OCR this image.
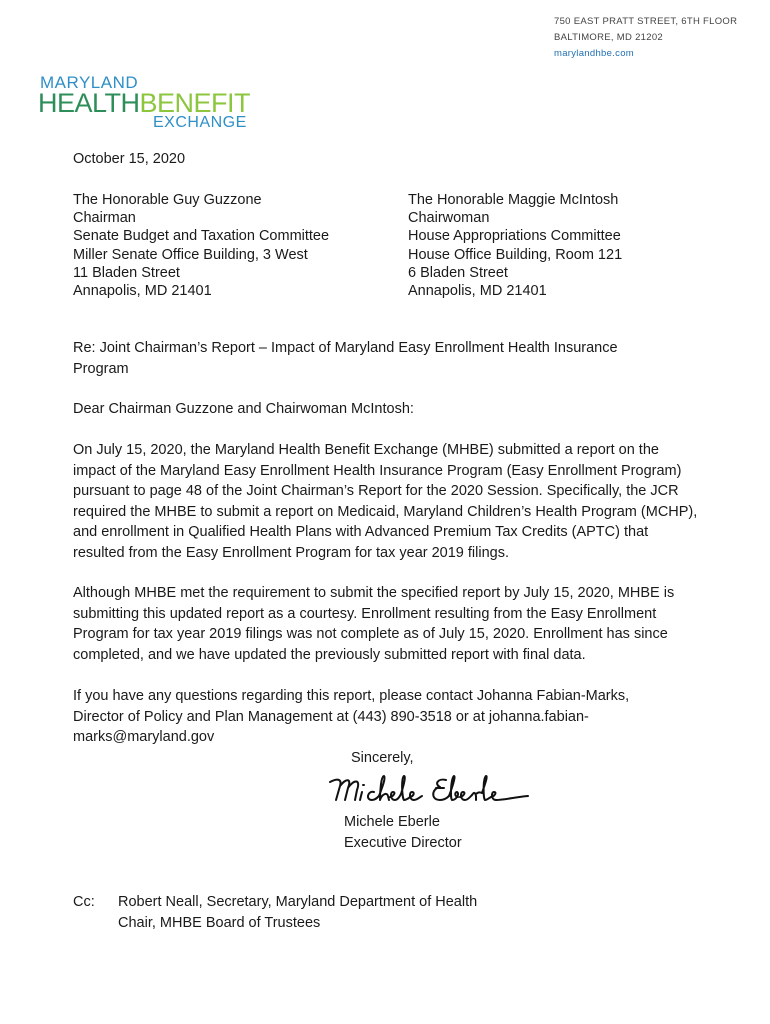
750 EAST PRATT STREET, 6TH FLOOR
BALTIMORE, MD 21202
marylandhbe.com
MARYLAND
HEALTHBENEFIT
EXCHANGE
October 15, 2020

The Honorable Guy Guzzone

Chairman

Senate Budget and Taxation Committee

Miller Senate Office Building, 3 West

11 Bladen Street

Annapolis, MD 21401

The Honorable Maggie McIntosh

Chairwoman

House Appropriations Committee

House Office Building, Room 121

6 Bladen Street

Annapolis, MD 21401

Re: Joint Chairman’s Report – Impact of Maryland Easy Enrollment Health Insurance Program
Dear Chairman Guzzone and Chairwoman McIntosh:
On July 15, 2020, the Maryland Health Benefit Exchange (MHBE) submitted a report on the impact of the Maryland Easy Enrollment Health Insurance Program (Easy Enrollment Program) pursuant to page 48 of the Joint Chairman’s Report for the 2020 Session. Specifically, the JCR required the MHBE to submit a report on Medicaid, Maryland Children’s Health Program (MCHP), and enrollment in Qualified Health Plans with Advanced Premium Tax Credits (APTC) that resulted from the Easy Enrollment Program for tax year 2019 filings.
Although MHBE met the requirement to submit the specified report by July 15, 2020, MHBE is submitting this updated report as a courtesy. Enrollment resulting from the Easy Enrollment Program for tax year 2019 filings was not complete as of July 15, 2020. Enrollment has since completed, and we have updated the previously submitted report with final data.
If you have any questions regarding this report, please contact Johanna Fabian-Marks, Director of Policy and Plan Management at (443) 890-3518 or at johanna.fabian-marks@maryland.gov
Sincerely,
Michele Eberle
Executive Director
Cc: Robert Neall, Secretary, Maryland Department of Health
Chair, MHBE Board of Trustees
